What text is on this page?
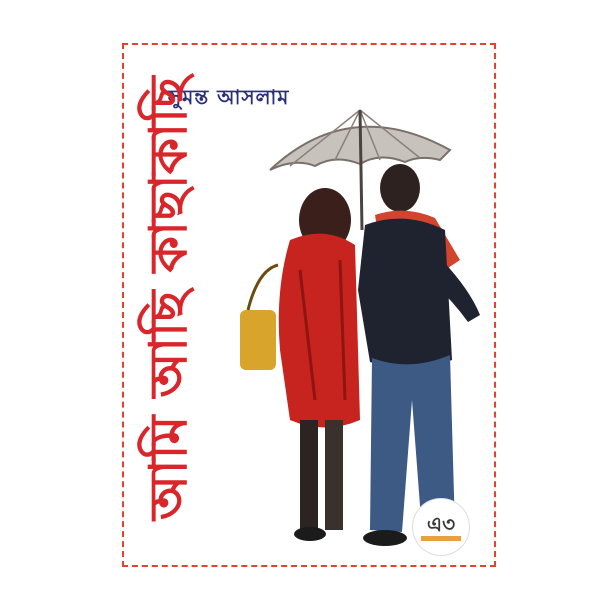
সুমন্ত আসলাম
আমি আছি কাছাকাছি
এ৩
